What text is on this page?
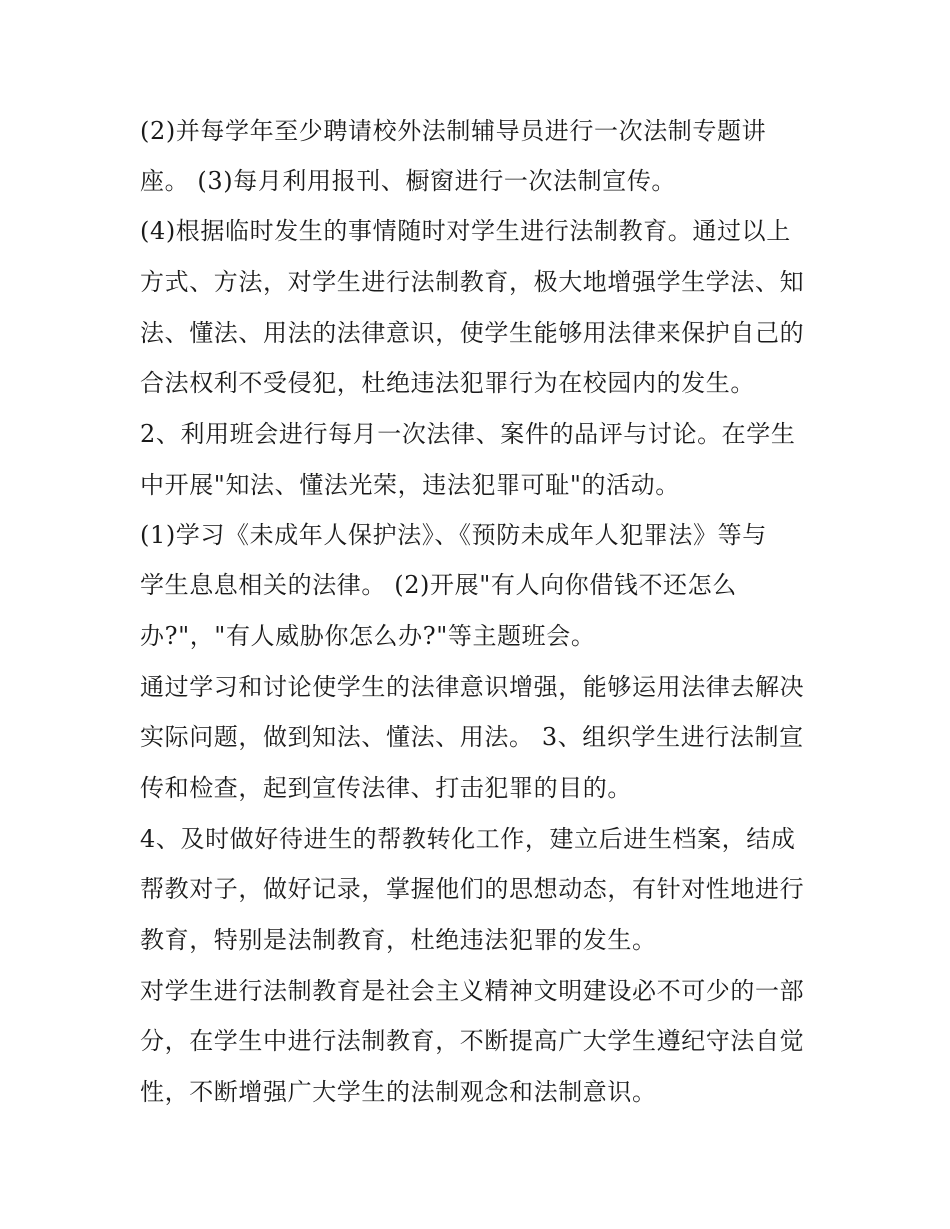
(2)并每学年至少聘请校外法制辅导员进行一次法制专题讲
座。 (3)每月利用报刊、橱窗进行一次法制宣传。
(4)根据临时发生的事情随时对学生进行法制教育。通过以上
方式、方法，对学生进行法制教育，极大地增强学生学法、知
法、懂法、用法的法律意识，使学生能够用法律来保护自己的
合法权利不受侵犯，杜绝违法犯罪行为在校园内的发生。
2、利用班会进行每月一次法律、案件的品评与讨论。在学生
中开展"知法、懂法光荣，违法犯罪可耻"的活动。
(1)学习《未成年人保护法》、《预防未成年人犯罪法》等与
学生息息相关的法律。 (2)开展"有人向你借钱不还怎么
办?"，"有人威胁你怎么办?"等主题班会。
通过学习和讨论使学生的法律意识增强，能够运用法律去解决
实际问题，做到知法、懂法、用法。 3、组织学生进行法制宣
传和检查，起到宣传法律、打击犯罪的目的。
4、及时做好待进生的帮教转化工作，建立后进生档案，结成
帮教对子，做好记录，掌握他们的思想动态，有针对性地进行
教育，特别是法制教育，杜绝违法犯罪的发生。
对学生进行法制教育是社会主义精神文明建设必不可少的一部
分，在学生中进行法制教育，不断提高广大学生遵纪守法自觉
性，不断增强广大学生的法制观念和法制意识。
